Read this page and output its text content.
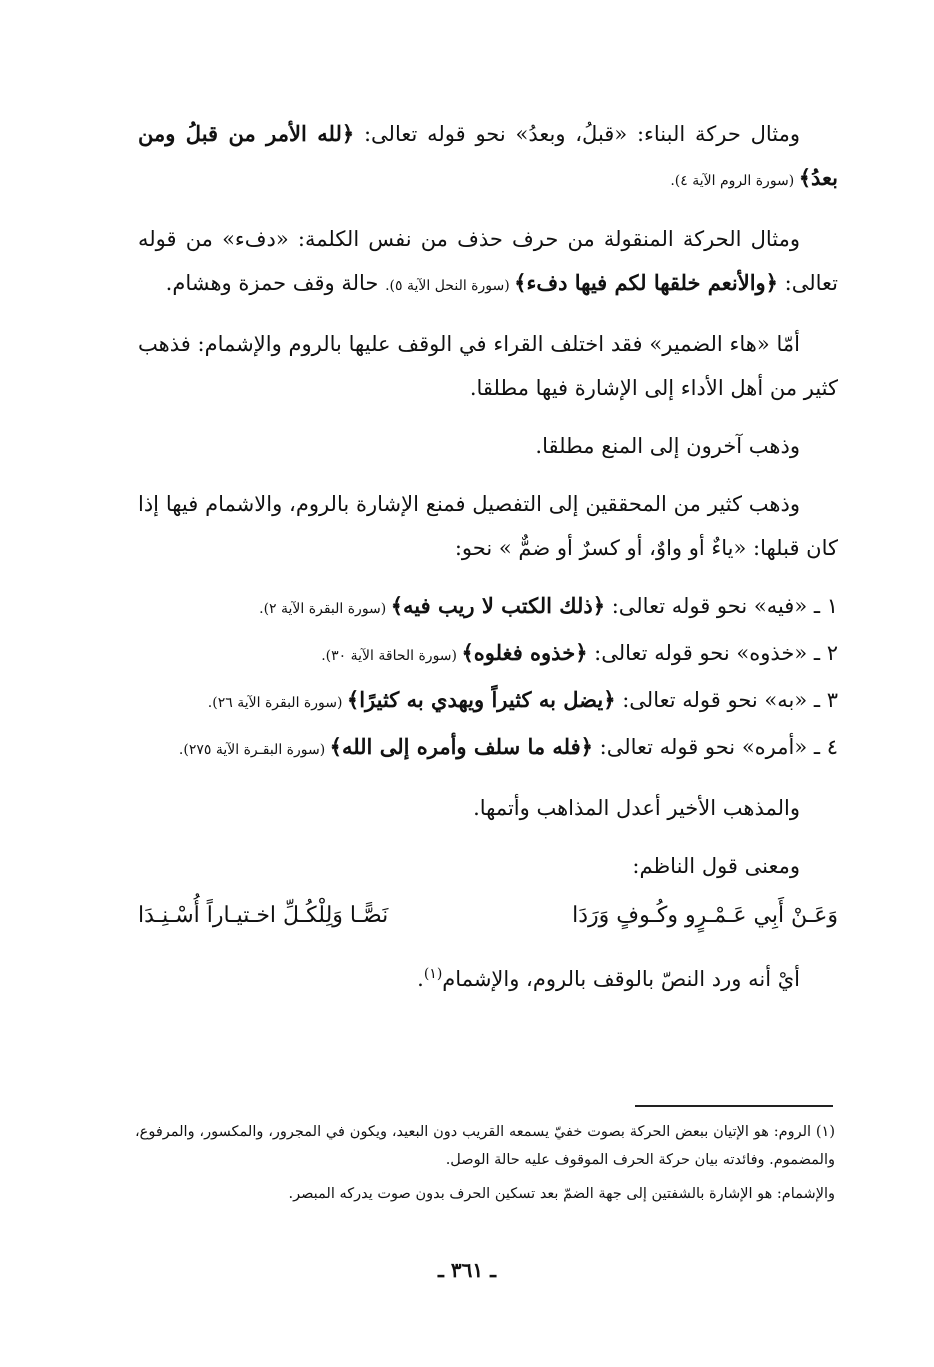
ومثال حركة البناء: «قبلُ، وبعدُ» نحو قوله تعالى: ﴿لله الأمر من قبلُ ومن بعدُ﴾ (سورة الروم الآية ٤).

ومثال الحركة المنقولة من حرف حذف من نفس الكلمة: «دفء» من قوله تعالى: ﴿والأنعم خلقها لكم فيها دفء﴾ (سورة النحل الآية ٥). حالة وقف حمزة وهشام.

أمّا «هاء الضمير» فقد اختلف القراء في الوقف عليها بالروم والإشمام: فذهب كثير من أهل الأداء إلى الإشارة فيها مطلقا.

وذهب آخرون إلى المنع مطلقا.

وذهب كثير من المحققين إلى التفصيل فمنع الإشارة بالروم، والاشمام فيها إذا كان قبلها: «ياءٌ أو واوٌ، أو كسرٌ أو ضمٌّ » نحو:

١ ـ «فيه» نحو قوله تعالى: ﴿ذلك الكتب لا ريب فيه﴾ (سورة البقرة الآية ٢).

٢ ـ «خذوه» نحو قوله تعالى: ﴿خذوه فغلوه﴾ (سورة الحاقة الآية ٣٠).

٣ ـ «به» نحو قوله تعالى: ﴿يضل به كثيراً ويهدي به كثيرًا﴾ (سورة البقرة الآية ٢٦).

٤ ـ «أمره» نحو قوله تعالى: ﴿فله ما سلف وأمره إلى الله﴾ (سورة البقـرة الآية ٢٧٥).

والمذهب الأخير أعدل المذاهب وأتمها.

ومعنى قول الناظم:

وَعَـنْ أَبِي عَـمْـرٍو وكُـوفٍ وَرَدَا
نَصًّـا وَلِلْكُـلِّ اخـتيـاراً أُسْـنِـدَا

أيْ أنه ورد النصّ بالوقف بالروم، والإشمام$^{(١)}$.

(١) الروم: هو الإتيان ببعض الحركة بصوت خفيّ يسمعه القريب دون البعيد، ويكون في المجرور، والمكسور، والمرفوع، والمضموم. وفائدته بيان حركة الحرف الموقوف عليه حالة الوصل.

والإشمام: هو الإشارة بالشفتين إلى جهة الضمّ بعد تسكين الحرف بدون صوت يدركه المبصر.

ـ ٣٦١ ـ
